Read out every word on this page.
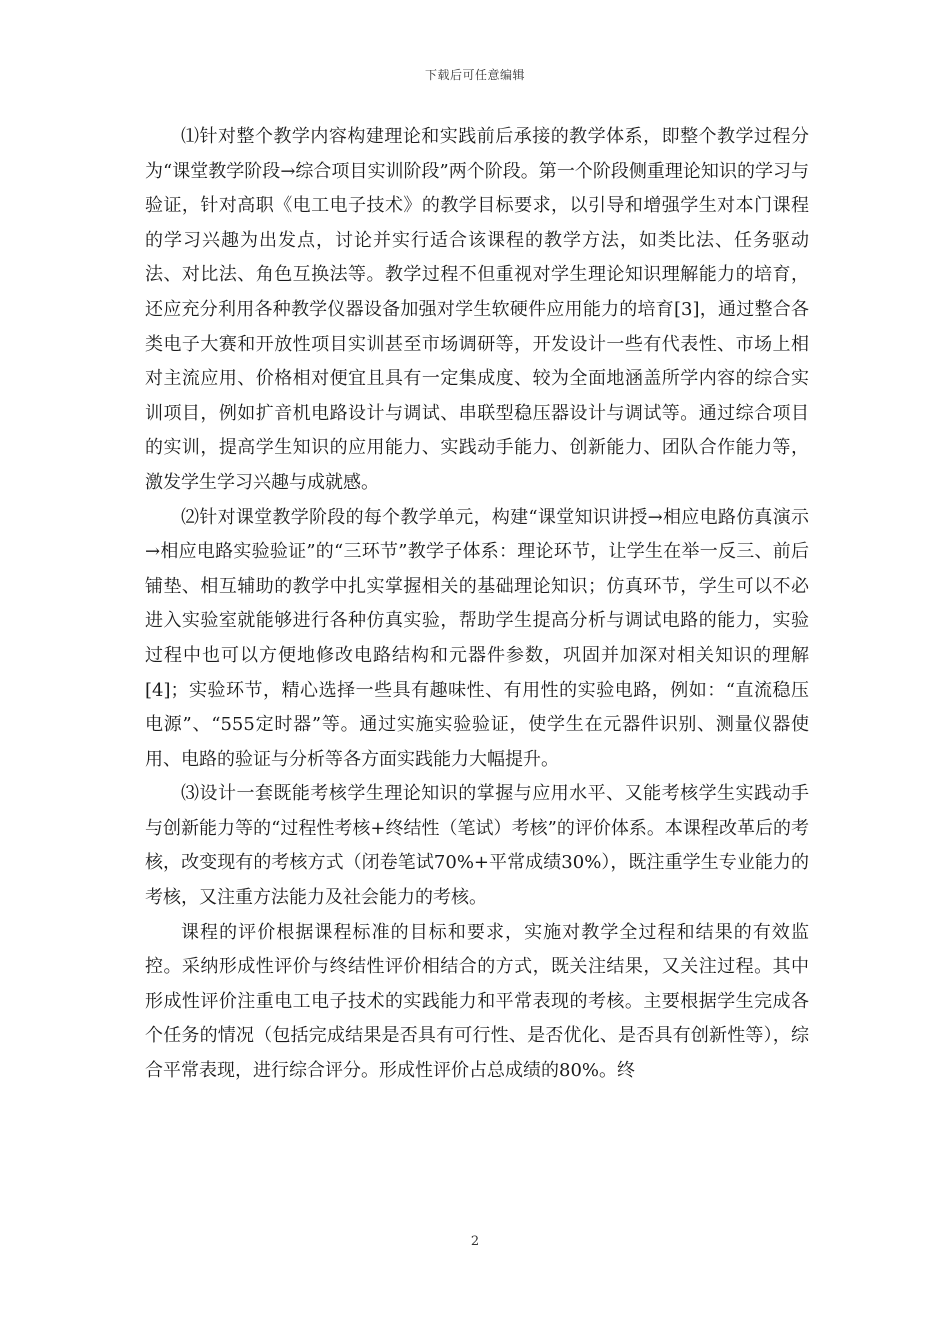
下载后可任意编辑

⑴针对整个教学内容构建理论和实践前后承接的教学体系，即整个教学过程分为“课堂教学阶段→综合项目实训阶段”两个阶段。第一个阶段侧重理论知识的学习与验证，针对高职《电工电子技术》的教学目标要求，以引导和增强学生对本门课程的学习兴趣为出发点，讨论并实行适合该课程的教学方法，如类比法、任务驱动法、对比法、角色互换法等。教学过程不但重视对学生理论知识理解能力的培育，还应充分利用各种教学仪器设备加强对学生软硬件应用能力的培育[3]，通过整合各类电子大赛和开放性项目实训甚至市场调研等，开发设计一些有代表性、市场上相对主流应用、价格相对便宜且具有一定集成度、较为全面地涵盖所学内容的综合实训项目，例如扩音机电路设计与调试、串联型稳压器设计与调试等。通过综合项目的实训，提高学生知识的应用能力、实践动手能力、创新能力、团队合作能力等，激发学生学习兴趣与成就感。

⑵针对课堂教学阶段的每个教学单元，构建“课堂知识讲授→相应电路仿真演示→相应电路实验验证”的“三环节”教学子体系：理论环节，让学生在举一反三、前后铺垫、相互辅助的教学中扎实掌握相关的基础理论知识；仿真环节，学生可以不必进入实验室就能够进行各种仿真实验，帮助学生提高分析与调试电路的能力，实验过程中也可以方便地修改电路结构和元器件参数，巩固并加深对相关知识的理解[4]；实验环节，精心选择一些具有趣味性、有用性的实验电路，例如：“直流稳压电源”、“555定时器”等。通过实施实验验证，使学生在元器件识别、测量仪器使用、电路的验证与分析等各方面实践能力大幅提升。

⑶设计一套既能考核学生理论知识的掌握与应用水平、又能考核学生实践动手与创新能力等的“过程性考核+终结性（笔试）考核”的评价体系。本课程改革后的考核，改变现有的考核方式（闭卷笔试70%+平常成绩30%），既注重学生专业能力的考核，又注重方法能力及社会能力的考核。

课程的评价根据课程标准的目标和要求，实施对教学全过程和结果的有效监控。采纳形成性评价与终结性评价相结合的方式，既关注结果，又关注过程。其中形成性评价注重电工电子技术的实践能力和平常表现的考核。主要根据学生完成各个任务的情况（包括完成结果是否具有可行性、是否优化、是否具有创新性等），综合平常表现，进行综合评分。形成性评价占总成绩的80%。终

2
